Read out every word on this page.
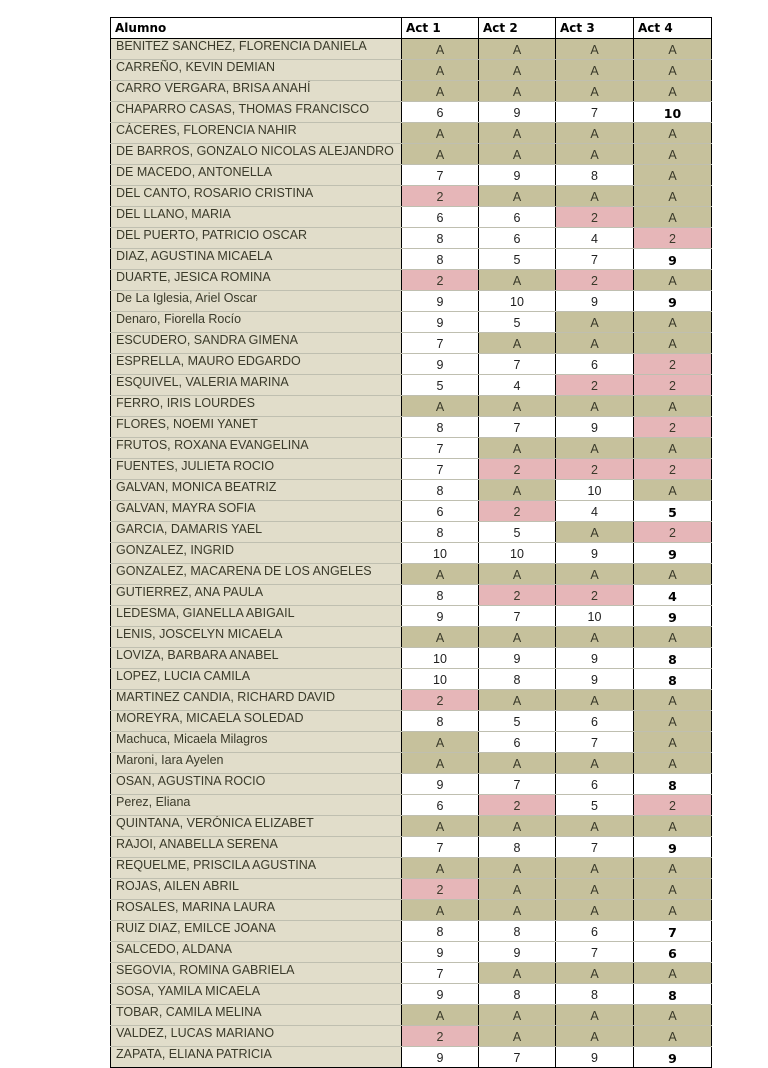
Alumno	Act 1	Act 2	Act 3	Act 4
BENITEZ SANCHEZ, FLORENCIA DANIELA	A	A	A	A
CARREÑO, KEVIN DEMIAN	A	A	A	A
CARRO VERGARA, BRISA ANAHÍ	A	A	A	A
CHAPARRO CASAS, THOMAS FRANCISCO	6	9	7	10
CÁCERES, FLORENCIA NAHIR	A	A	A	A
DE BARROS, GONZALO NICOLAS ALEJANDRO	A	A	A	A
DE MACEDO, ANTONELLA	7	9	8	A
DEL CANTO, ROSARIO CRISTINA	2	A	A	A
DEL LLANO, MARIA	6	6	2	A
DEL PUERTO, PATRICIO OSCAR	8	6	4	2
DIAZ, AGUSTINA MICAELA	8	5	7	9
DUARTE, JESICA ROMINA	2	A	2	A
De La Iglesia, Ariel Oscar	9	10	9	9
Denaro, Fiorella Rocío	9	5	A	A
ESCUDERO, SANDRA GIMENA	7	A	A	A
ESPRELLA, MAURO EDGARDO	9	7	6	2
ESQUIVEL, VALERIA MARINA	5	4	2	2
FERRO, IRIS LOURDES	A	A	A	A
FLORES, NOEMI YANET	8	7	9	2
FRUTOS, ROXANA EVANGELINA	7	A	A	A
FUENTES, JULIETA ROCIO	7	2	2	2
GALVAN, MONICA BEATRIZ	8	A	10	A
GALVAN, MAYRA SOFIA	6	2	4	5
GARCIA, DAMARIS YAEL	8	5	A	2
GONZALEZ, INGRID	10	10	9	9
GONZALEZ, MACARENA DE LOS ANGELES	A	A	A	A
GUTIERREZ, ANA PAULA	8	2	2	4
LEDESMA, GIANELLA ABIGAIL	9	7	10	9
LENIS, JOSCELYN MICAELA	A	A	A	A
LOVIZA, BARBARA ANABEL	10	9	9	8
LOPEZ, LUCIA CAMILA	10	8	9	8
MARTINEZ CANDIA, RICHARD DAVID	2	A	A	A
MOREYRA, MICAELA SOLEDAD	8	5	6	A
Machuca, Micaela Milagros	A	6	7	A
Maroni, Iara Ayelen	A	A	A	A
OSAN, AGUSTINA ROCIO	9	7	6	8
Perez, Eliana	6	2	5	2
QUINTANA, VERÓNICA ELIZABET	A	A	A	A
RAJOI, ANABELLA SERENA	7	8	7	9
REQUELME, PRISCILA AGUSTINA	A	A	A	A
ROJAS, AILEN ABRIL	2	A	A	A
ROSALES, MARINA LAURA	A	A	A	A
RUIZ DIAZ, EMILCE JOANA	8	8	6	7
SALCEDO, ALDANA	9	9	7	6
SEGOVIA, ROMINA GABRIELA	7	A	A	A
SOSA, YAMILA MICAELA	9	8	8	8
TOBAR, CAMILA MELINA	A	A	A	A
VALDEZ, LUCAS MARIANO	2	A	A	A
ZAPATA, ELIANA PATRICIA	9	7	9	9
